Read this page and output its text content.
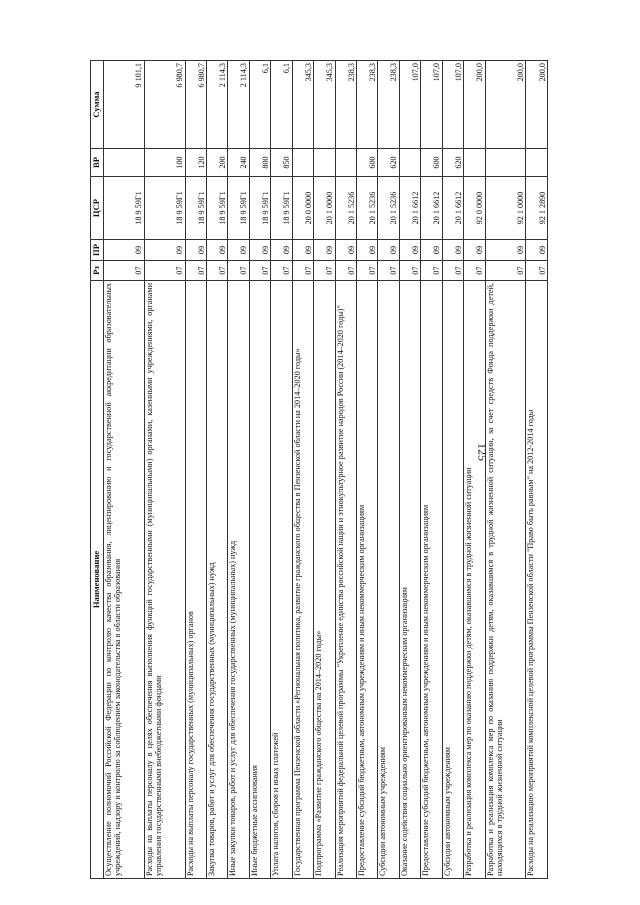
125
Наименование	Рз	ПР	ЦСР	ВР	Сумма
Осуществление полномочий Российской Федерации по контролю качества образования, лицензированию и государственной аккредитации образовательных учреждений, надзору и контролю за соблюдением законодательства в области образования	07	09	18 9 59Г1		9 101,1
Расходы на выплаты персоналу в целях обеспечения выполнения функций государственными (муниципальными) органами, казенными учреждениями, органами управления государственными внебюджетными фондами	07	09	18 9 59Г1	100	6 980,7
Расходы на выплаты персоналу государственных (муниципальных) органов	07	09	18 9 59Г1	120	6 980,7
Закупка товаров, работ и услуг для обеспечения государственных (муниципальных) нужд	07	09	18 9 59Г1	200	2 114,3
Иные закупки товаров, работ и услуг для обеспечения государственных (муниципальных) нужд	07	09	18 9 59Г1	240	2 114,3
Иные бюджетные ассигнования	07	09	18 9 59Г1	800	6,1
Уплата налогов, сборов и иных платежей	07	09	18 9 59Г1	850	6,1
Государственная программа Пензенской области «Региональная политика, развитие гражданского общества в Пензенской области на 2014–2020 годы»	07	09	20 0 0000		345,3
Подпрограмма «Развитие гражданского общества на 2014–2020 годы»	07	09	20 1 0000		345,3
Реализация мероприятий федеральной целевой программы "Укрепление единства российской нации и этнокультурное развитие народов России (2014–2020 годы)"	07	09	20 1 5236		238,3
Предоставление субсидий бюджетным, автономным учреждениям и иным некоммерческим организациям	07	09	20 1 5236	600	238,3
Субсидии автономным учреждениям	07	09	20 1 5236	620	238,3
Оказание содействия социально ориентированным некоммерческим организациям	07	09	20 1 6612		107,0
Предоставление субсидий бюджетным, автономным учреждениям и иным некоммерческим организациям	07	09	20 1 6612	600	107,0
Субсидии автономным учреждениям	07	09	20 1 6612	620	107,0
Разработка и реализация комплекса мер по оказанию поддержки детям, оказавшимся в трудной жизненной ситуации	07	09	92 0 0000		200,0
Разработка и реализация комплекса мер по оказанию поддержки детям, оказавшимся в трудной жизненной ситуации, за счет средств Фонда поддержки детей, находящихся в трудной жизненной ситуации	07	09	92 1 0000		200,0
Расходы на реализацию мероприятий комплексной целевой программы Пензенской области "Право быть равным" на 2012-2014 годы	07	09	92 1 2890		200,0
